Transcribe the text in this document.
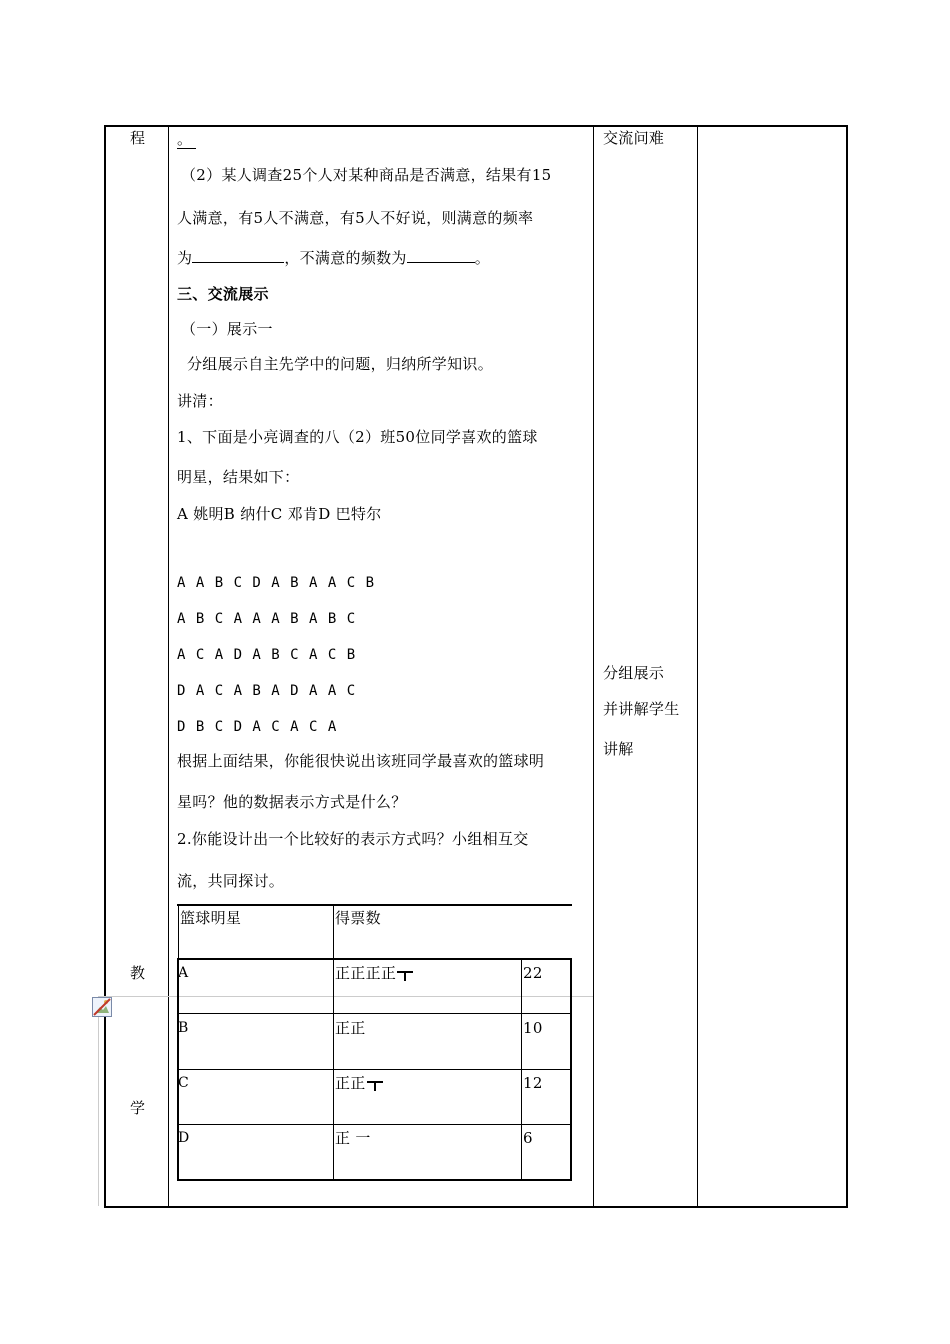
程
教
学
。
（2）某人调查25个人对某种商品是否满意，结果有15
人满意，有5人不满意，有5人不好说，则满意的频率
为	，不满意的频数为	。
三、交流展示
（一）展示一
分组展示自主先学中的问题，归纳所学知识。
讲清：
1、下面是小亮调查的八（2）班50位同学喜欢的篮球
明星，结果如下：
A 姚明B 纳什C 邓肯D 巴特尔
A A B C D A B A A C B
A B C A A A B A B C
A C A D A B C A C B
D A C A B A D A A C
D B C D A C A C A
根据上面结果，你能很快说出该班同学最喜欢的篮球明
星吗？他的数据表示方式是什么？
2.你能设计出一个比较好的表示方式吗？小组相互交
流，共同探讨。
篮球明星	得票数
A	正正正正	22
B	正正	10
C	正正	12
D	正 一	6
交流问难
分组展示
并讲解学生
讲解
